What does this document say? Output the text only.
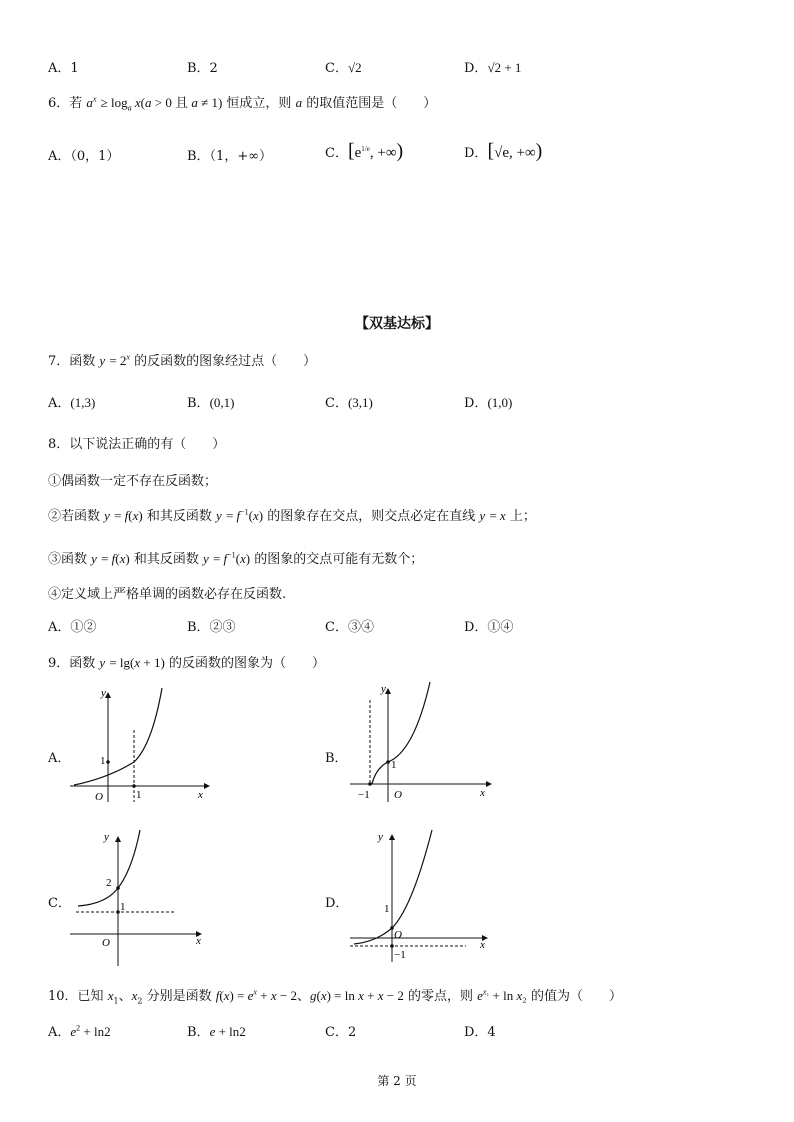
A．1	B．2	C．√2	D．√2 + 1
6．若 $a^x \ge \log_a x(a > 0$ 且 a ≠ 1) 恒成立，则 a 的取值范围是（　　）
A．（0，1）	B．（1，+∞）	C．[$e^{1/e}$, +∞)	D．[√e, +∞)
【双基达标】
7．函数 $y = 2^x$ 的反函数的图象经过点（　　）
A．(1,3)	B．(0,1)	C．(3,1)	D．(1,0)
8．以下说法正确的有（　　）
①偶函数一定不存在反函数；
②若函数 y = f(x) 和其反函数 $y = f^{-1}(x)$ 的图象存在交点，则交点必定在直线 y = x 上；
③函数 y = f(x) 和其反函数 $y = f^{-1}(x)$ 的图象的交点可能有无数个；
④定义域上严格单调的函数必存在反函数.
A．①②	B．②③	C．③④	D．①④
9．函数 y = lg(x + 1) 的反函数的图象为（　　）
A．	B．
C．	D．
y
1
1
O	x
y
1
−1 O	x
y
2
1
O	x
y
1
O
−1
x
10．已知 $x_1$、$x_2$ 分别是函数 $f(x) = e^x + x - 2$、g(x) = ln x + x − 2 的零点，则 $e^{x_1} + \ln x_2$ 的值为（　　）
A．$e^2 + \ln 2$	B．e + ln2	C．2	D．4
第 2 页
